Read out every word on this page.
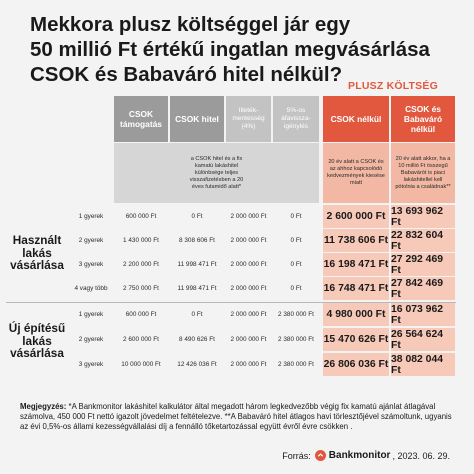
Mekkora plusz költséggel jár egy
50 millió Ft értékű ingatlan megvásárlása
CSOK és Babaváró hitel nélkül? PLUSZ KÖLTSÉG
CSOK támogatás	CSOK hitel
Illeték-mentesség (4%)
5%-os áfavissza-igénylés
CSOK nélkül
CSOK és Babaváró nélkül
a CSOK hitel és a fix kamatú lakáshitel különbsége teljes visszafizetésben a 20 éves futamidő alatt*
20 év alatt a CSOK és az ahhoz kapcsolódó kedvezmények kiesése miatt
20 év alatt akkor, ha a 10 millió Ft összegű Babavárót is piaci lakáshitellel kell pótolnia a családnak**
Használt lakás vásárlása
Új építésű lakás vásárlása
1 gyerek	600 000 Ft	0 Ft	2 000 000 Ft	0 Ft	2 600 000 Ft 13 693 962 Ft
2 gyerek	1 430 000 Ft	8 308 606 Ft	2 000 000 Ft	0 Ft	11 738 606 Ft 22 832 604 Ft
3 gyerek	2 200 000 Ft	11 998 471 Ft	2 000 000 Ft	0 Ft	16 198 471 Ft 27 292 469 Ft
4 vagy több	2 750 000 Ft	11 998 471 Ft	2 000 000 Ft	0 Ft	16 748 471 Ft 27 842 469 Ft
1 gyerek	600 000 Ft	0 Ft	2 000 000 Ft	2 380 000 Ft	4 980 000 Ft 16 073 962 Ft
2 gyerek	2 600 000 Ft	8 490 626 Ft	2 000 000 Ft	2 380 000 Ft 15 470 626 Ft 26 564 624 Ft
3 gyerek	10 000 000 Ft	12 426 036 Ft	2 000 000 Ft	2 380 000 Ft 26 806 036 Ft 38 082 044 Ft
Megjegyzés: *A Bankmonitor lakáshitel kalkulátor által megadott három legkedvezőbb végig fix kamatú ajánlat átlagával számolva, 450 000 Ft nettó igazolt jövedelmet feltételezve. **A Babaváró hitel átlagos havi törlesztőjével számoltunk, ugyanis az évi 0,5%-os állami kezességvállalási díj a fennálló tőketartozással együtt évről évre csökken .
Forrás: Bankmonitor , 2023. 06. 29.
